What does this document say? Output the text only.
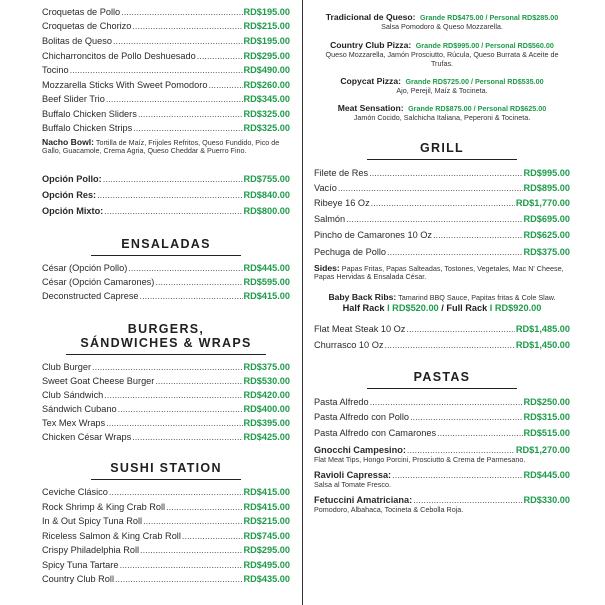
Croquetas de Pollo .....	RD$195.00
Croquetas de Chorizo .....	RD$215.00
Bolitas de Queso .....	RD$195.00
Chicharroncitos de Pollo Deshuesado .....	RD$295.00
Tocino .....	RD$490.00
Mozzarella Sticks With Sweet Pomodoro .....	RD$260.00
Beef Slider Trio .....	RD$345.00
Buffalo Chicken Sliders .....	RD$325.00
Buffalo Chicken Strips .....	RD$325.00
Nacho Bowl: Tortilla de Maíz, Frijoles Refritos, Queso Fundido, Pico de Gallo, Guacamole, Crema Agria, Queso Cheddar & Puerro Fino.
Opción Pollo: .....	RD$755.00
Opción Res: .....	RD$840.00
Opción Mixto: .....	RD$800.00
ENSALADAS
César (Opción Pollo) .....	RD$445.00
César (Opción Camarones) .....	RD$595.00
Deconstructed Caprese .....	RD$415.00
BURGERS,
SÁNDWICHES & WRAPS
Club Burger .....	RD$375.00
Sweet Goat Cheese Burger .....	RD$530.00
Club Sándwich .....	RD$420.00
Sándwich Cubano .....	RD$400.00
Tex Mex Wraps .....	RD$395.00
Chicken César Wraps .....	RD$425.00
SUSHI STATION
Ceviche Clásico .....	RD$415.00
Rock Shrimp & King Crab Roll .....	RD$415.00
In & Out Spicy Tuna Roll .....	RD$215.00
Riceless Salmon & King Crab Roll .....	RD$745.00
Crispy Philadelphia Roll .....	RD$295.00
Spicy Tuna Tartare .....	RD$495.00
Country Club Roll .....	RD$435.00
Tradicional de Queso: Grande RD$475.00 / Personal RD$285.00
Salsa Pomodoro & Queso Mozzarella.
Country Club Pizza: Grande RD$995.00 / Personal RD$560.00
Queso Mozzarella, Jamón Prosciutto, Rúcula, Queso Burrata & Aceite de Trufas.
Copycat Pizza: Grande RD$725.00 / Personal RD$535.00
Ajo, Perejil, Maíz & Tocineta.
Meat Sensation: Grande RD$875.00 / Personal RD$625.00
Jamón Cocido, Salchicha Italiana, Peperoni & Tocineta.
GRILL
Filete de Res .....	RD$995.00
Vacío .....	RD$895.00
Ribeye 16 Oz .....	RD$1,770.00
Salmón .....	RD$695.00
Pincho de Camarones 10 Oz .....	RD$625.00
Pechuga de Pollo .....	RD$375.00
Sides: Papas Fritas, Papas Salteadas, Tostones, Vegetales, Mac N' Cheese, Papas Hervidas & Ensalada César.
Baby Back Ribs: Tamarind BBQ Sauce, Papitas fritas & Cole Slaw.
Half Rack I RD$520.00 / Full Rack I RD$920.00
Flat Meat Steak 10 Oz .....	RD$1,485.00
Churrasco 10 Oz .....	RD$1,450.00
PASTAS
Pasta Alfredo .....	RD$250.00
Pasta Alfredo con Pollo .....	RD$315.00
Pasta Alfredo con Camarones .....	RD$515.00
Gnocchi Campesino: .....	RD$1,270.00
Flat Meat Tips, Hongo Porcini, Prosciutto & Crema de Parmesano.
Ravioli Capressa: .....	RD$445.00
Salsa al Tomate Fresco.
Fetuccini Amatriciana: .....	RD$330.00
Pomodoro, Albahaca, Tocineta & Cebolla Roja.
